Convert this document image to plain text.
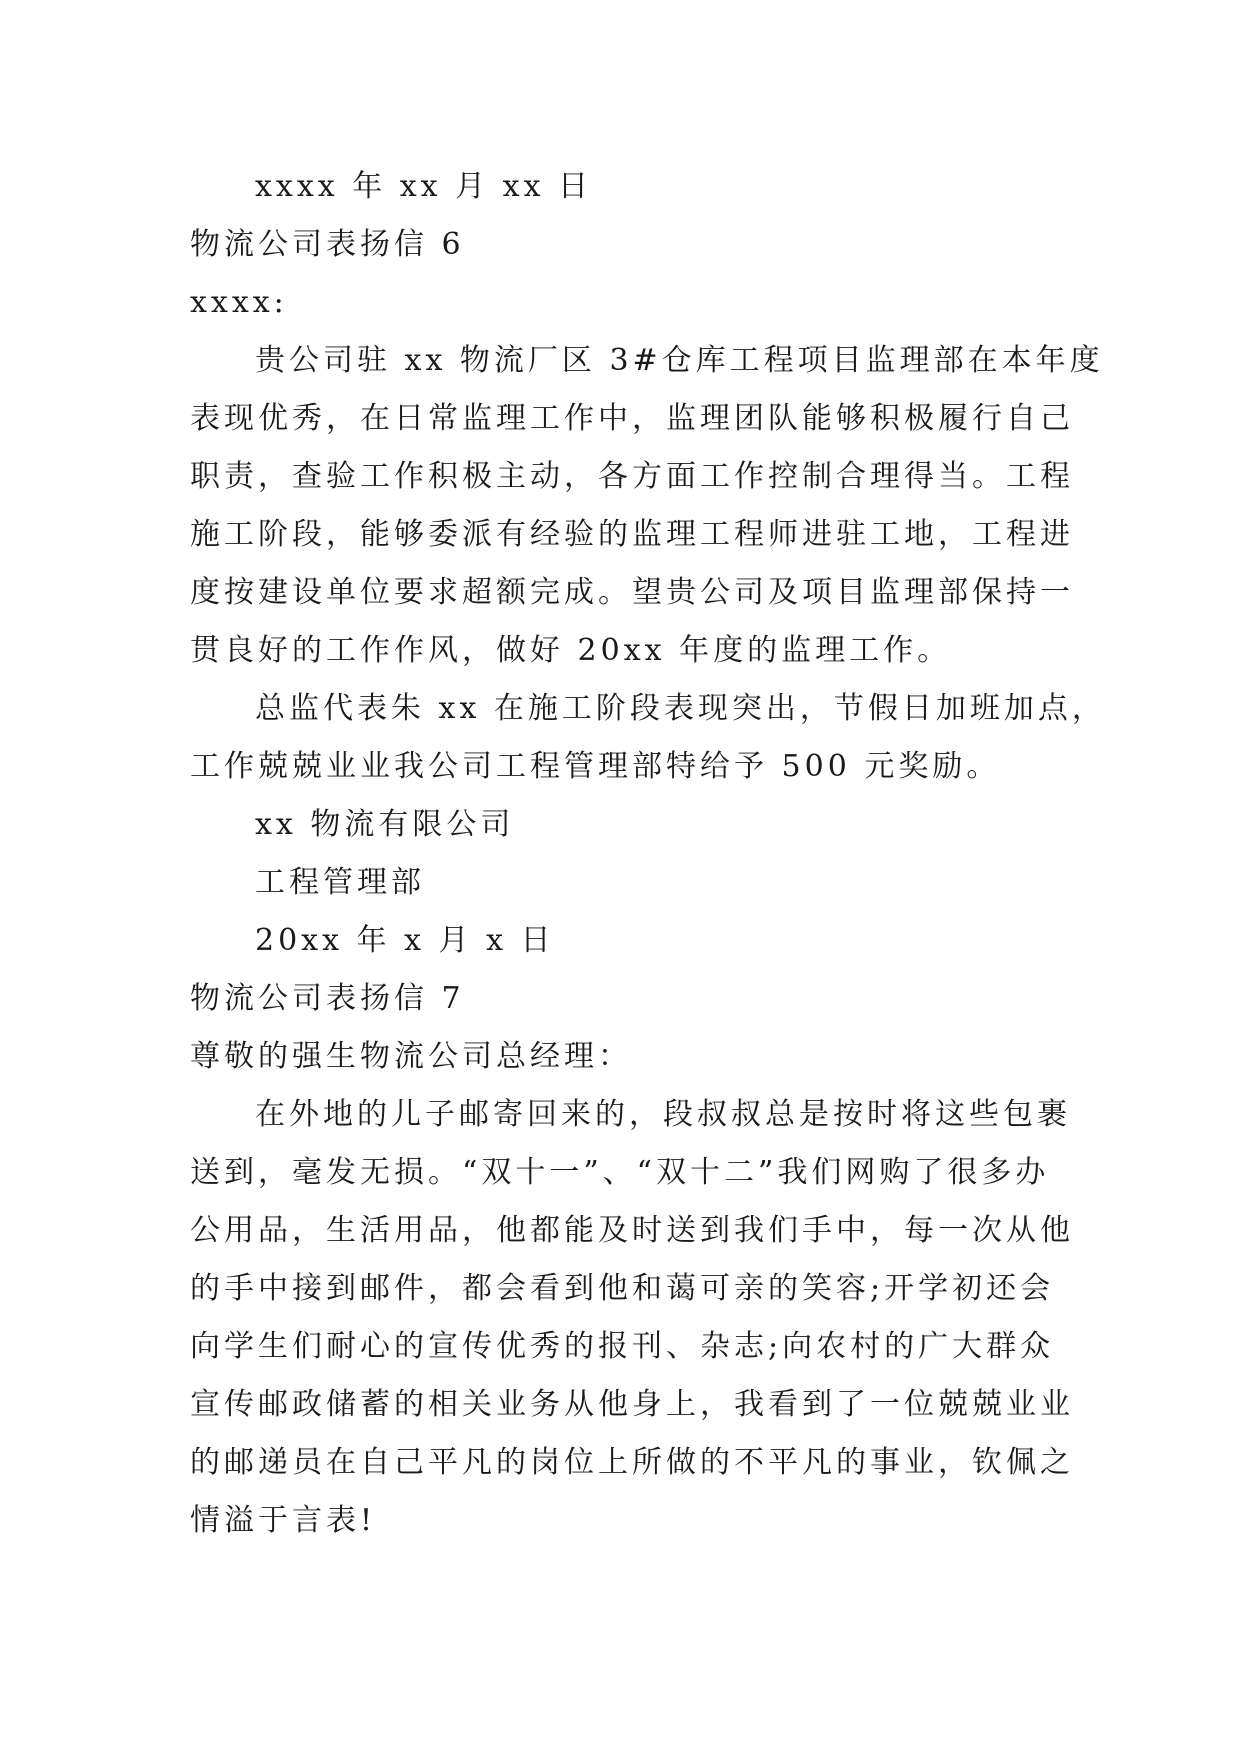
xxxx 年 xx 月 xx 日
物流公司表扬信 6
xxxx:
贵公司驻 xx 物流厂区 3#仓库工程项目监理部在本年度
表现优秀，在日常监理工作中，监理团队能够积极履行自己
职责，查验工作积极主动，各方面工作控制合理得当。工程
施工阶段，能够委派有经验的监理工程师进驻工地，工程进
度按建设单位要求超额完成。望贵公司及项目监理部保持一
贯良好的工作作风，做好 20xx 年度的监理工作。
总监代表朱 xx 在施工阶段表现突出，节假日加班加点，
工作兢兢业业我公司工程管理部特给予 500 元奖励。
xx 物流有限公司
工程管理部
20xx 年 x 月 x 日
物流公司表扬信 7
尊敬的强生物流公司总经理：
在外地的儿子邮寄回来的，段叔叔总是按时将这些包裹
送到，毫发无损。“双十一”、“双十二”我们网购了很多办
公用品，生活用品，他都能及时送到我们手中，每一次从他
的手中接到邮件，都会看到他和蔼可亲的笑容;开学初还会
向学生们耐心的宣传优秀的报刊、杂志;向农村的广大群众
宣传邮政储蓄的相关业务从他身上，我看到了一位兢兢业业
的邮递员在自己平凡的岗位上所做的不平凡的事业，钦佩之
情溢于言表!
